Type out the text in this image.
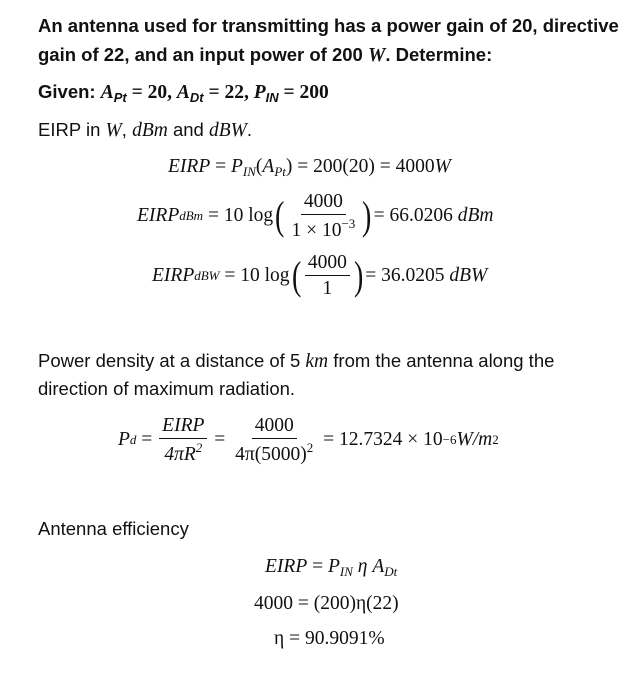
An antenna used for transmitting has a power gain of 20, directive
gain of 22, and an input power of 200 W. Determine:
Given: $A_{Pt} = 20$, $A_{Dt} = 22$, $P_{IN} = 200$
EIRP in W, dBm and dBW.
EIRP = $P_{IN}(A_{Pt}) = 200(20) = 4000W$
EIRP dBm = 10 log ( $\frac{4000}{1 \times 10^{-3}}$ ) = 66.0206 dBm
EIRP dBW = 10 log ( $\frac{4000}{1}$ ) = 36.0205 dBW
Power density at a distance of 5 km from the antenna along the
direction of maximum radiation.
P $d = \frac{\text{EIRP}}{4\pi R^2} = \frac{4000}{4\pi(5000)^2} = 12.7324 \times 10 -6$ W/m 2
Antenna efficiency
EIRP = $P_{IN}$ η $A_{Dt}$
4000 = (200)η(22)
η = 90.9091%
